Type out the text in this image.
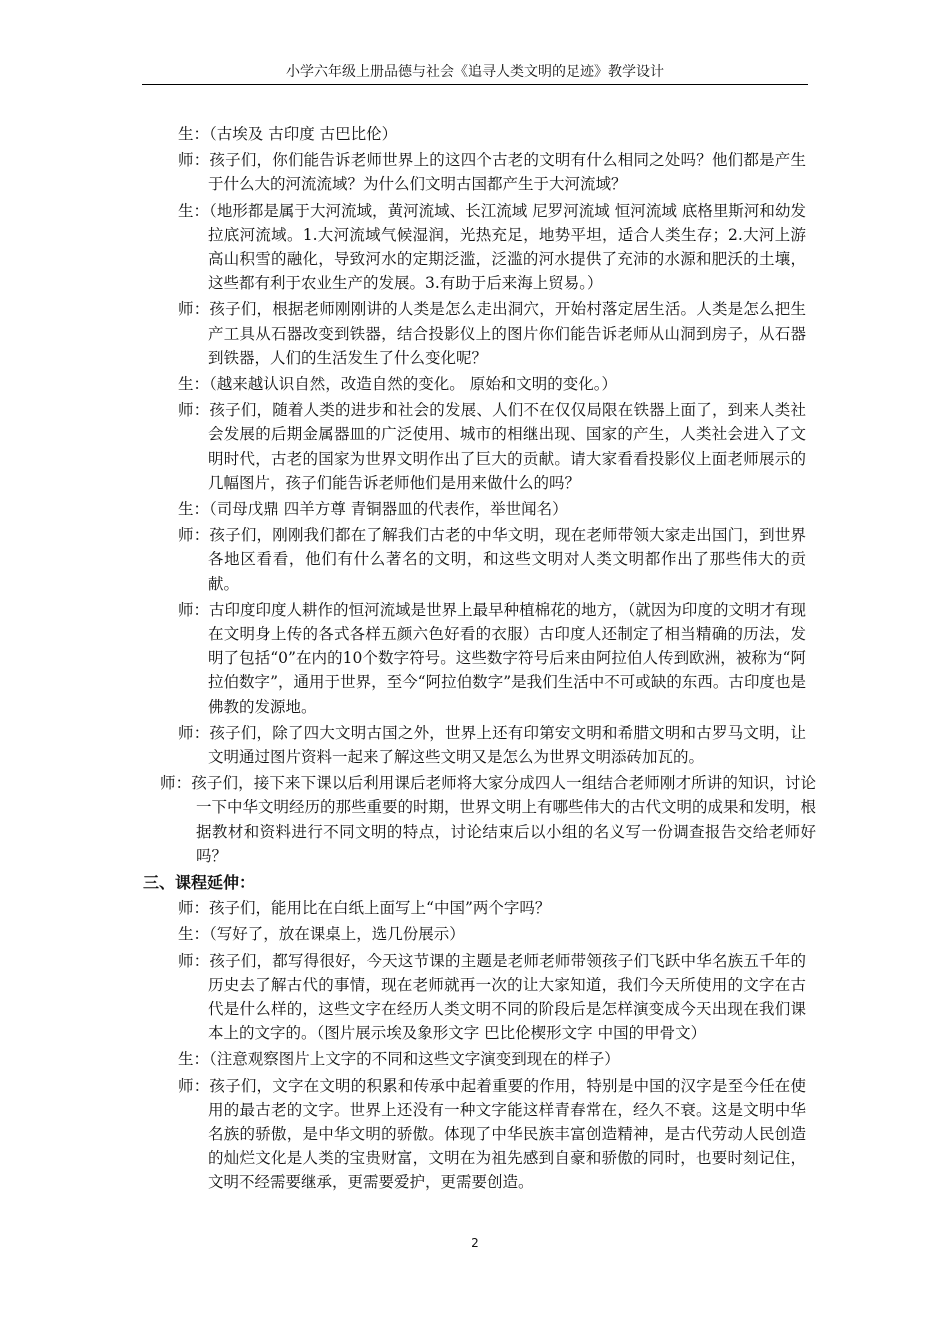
小学六年级上册品德与社会《追寻人类文明的足迹》教学设计
生：（古埃及 古印度 古巴比伦）
师：孩子们，你们能告诉老师世界上的这四个古老的文明有什么相同之处吗？他们都是产生于什么大的河流流域？为什么们文明古国都产生于大河流域？
生：（地形都是属于大河流域，黄河流域、长江流域 尼罗河流域 恒河流域 底格里斯河和幼发拉底河流域。1.大河流域气候湿润，光热充足，地势平坦，适合人类生存；2.大河上游高山积雪的融化，导致河水的定期泛滥，泛滥的河水提供了充沛的水源和肥沃的土壤，这些都有利于农业生产的发展。3.有助于后来海上贸易。）
师：孩子们，根据老师刚刚讲的人类是怎么走出洞穴，开始村落定居生活。人类是怎么把生产工具从石器改变到铁器，结合投影仪上的图片你们能告诉老师从山洞到房子，从石器到铁器，人们的生活发生了什么变化呢？
生：（越来越认识自然，改造自然的变化。 原始和文明的变化。）
师：孩子们，随着人类的进步和社会的发展、人们不在仅仅局限在铁器上面了，到来人类社会发展的后期金属器皿的广泛使用、城市的相继出现、国家的产生，人类社会进入了文明时代，古老的国家为世界文明作出了巨大的贡献。请大家看看投影仪上面老师展示的几幅图片，孩子们能告诉老师他们是用来做什么的吗？
生：（司母戊鼎 四羊方尊 青铜器皿的代表作，举世闻名）
师：孩子们，刚刚我们都在了解我们古老的中华文明，现在老师带领大家走出国门，到世界各地区看看，他们有什么著名的文明，和这些文明对人类文明都作出了那些伟大的贡献。
师：古印度印度人耕作的恒河流域是世界上最早种植棉花的地方，（就因为印度的文明才有现在文明身上传的各式各样五颜六色好看的衣服）古印度人还制定了相当精确的历法，发明了包括“0”在内的10个数字符号。这些数字符号后来由阿拉伯人传到欧洲，被称为“阿拉伯数字”，通用于世界，至今“阿拉伯数字”是我们生活中不可或缺的东西。古印度也是佛教的发源地。
师：孩子们，除了四大文明古国之外，世界上还有印第安文明和希腊文明和古罗马文明，让文明通过图片资料一起来了解这些文明又是怎么为世界文明添砖加瓦的。
师：孩子们，接下来下课以后利用课后老师将大家分成四人一组结合老师刚才所讲的知识，讨论一下中华文明经历的那些重要的时期，世界文明上有哪些伟大的古代文明的成果和发明，根据教材和资料进行不同文明的特点，讨论结束后以小组的名义写一份调查报告交给老师好吗？
三、课程延伸：
师：孩子们，能用比在白纸上面写上“中国”两个字吗？
生：（写好了，放在课桌上，选几份展示）
师：孩子们，都写得很好，今天这节课的主题是老师老师带领孩子们飞跃中华名族五千年的历史去了解古代的事情，现在老师就再一次的让大家知道，我们今天所使用的文字在古代是什么样的，这些文字在经历人类文明不同的阶段后是怎样演变成今天出现在我们课本上的文字的。（图片展示埃及象形文字 巴比伦楔形文字 中国的甲骨文）
生：（注意观察图片上文字的不同和这些文字演变到现在的样子）
师：孩子们，文字在文明的积累和传承中起着重要的作用，特别是中国的汉字是至今任在使用的最古老的文字。世界上还没有一种文字能这样青春常在，经久不衰。这是文明中华名族的骄傲，是中华文明的骄傲。体现了中华民族丰富创造精神，是古代劳动人民创造的灿烂文化是人类的宝贵财富，文明在为祖先感到自豪和骄傲的同时，也要时刻记住，文明不经需要继承，更需要爱护，更需要创造。
2
